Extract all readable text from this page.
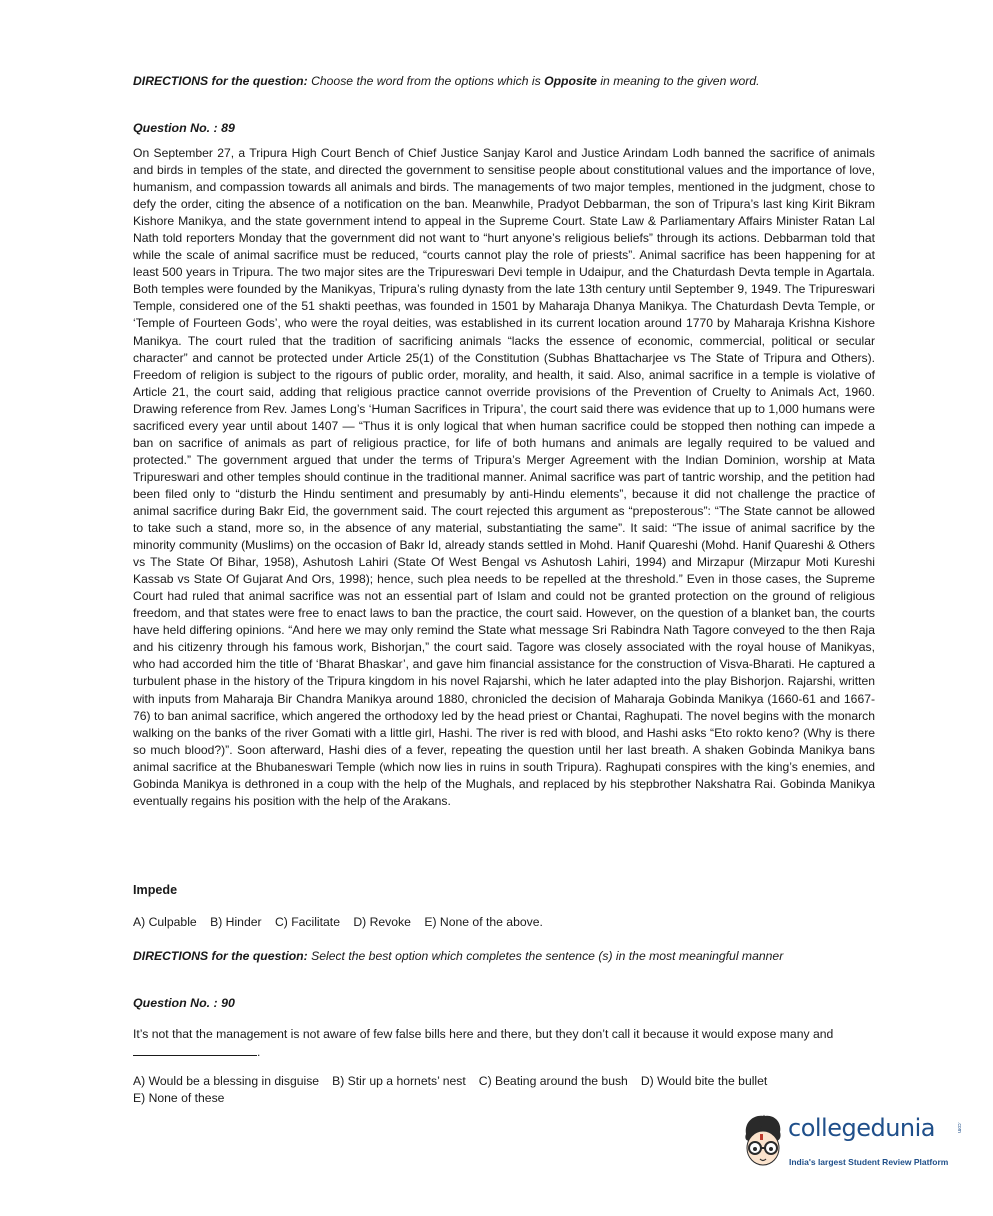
DIRECTIONS for the question: Choose the word from the options which is Opposite in meaning to the given word.
Question No. : 89

On September 27, a Tripura High Court Bench of Chief Justice Sanjay Karol and Justice Arindam Lodh banned the sacrifice of animals and birds in temples of the state, and directed the government to sensitise people about constitutional values and the importance of love, humanism, and compassion towards all animals and birds. The managements of two major temples, mentioned in the judgment, chose to defy the order, citing the absence of a notification on the ban. Meanwhile, Pradyot Debbarman, the son of Tripura’s last king Kirit Bikram Kishore Manikya, and the state government intend to appeal in the Supreme Court. State Law & Parliamentary Affairs Minister Ratan Lal Nath told reporters Monday that the government did not want to “hurt anyone’s religious beliefs” through its actions. Debbarman told that while the scale of animal sacrifice must be reduced, “courts cannot play the role of priests”. Animal sacrifice has been happening for at least 500 years in Tripura. The two major sites are the Tripureswari Devi temple in Udaipur, and the Chaturdash Devta temple in Agartala. Both temples were founded by the Manikyas, Tripura’s ruling dynasty from the late 13th century until September 9, 1949. The Tripureswari Temple, considered one of the 51 shakti peethas, was founded in 1501 by Maharaja Dhanya Manikya. The Chaturdash Devta Temple, or ‘Temple of Fourteen Gods’, who were the royal deities, was established in its current location around 1770 by Maharaja Krishna Kishore Manikya. The court ruled that the tradition of sacrificing animals “lacks the essence of economic, commercial, political or secular character” and cannot be protected under Article 25(1) of the Constitution (Subhas Bhattacharjee vs The State of Tripura and Others). Freedom of religion is subject to the rigours of public order, morality, and health, it said. Also, animal sacrifice in a temple is violative of Article 21, the court said, adding that religious practice cannot override provisions of the Prevention of Cruelty to Animals Act, 1960. Drawing reference from Rev. James Long’s ‘Human Sacrifices in Tripura’, the court said there was evidence that up to 1,000 humans were sacrificed every year until about 1407 — “Thus it is only logical that when human sacrifice could be stopped then nothing can impede a ban on sacrifice of animals as part of religious practice, for life of both humans and animals are legally required to be valued and protected.” The government argued that under the terms of Tripura’s Merger Agreement with the Indian Dominion, worship at Mata Tripureswari and other temples should continue in the traditional manner. Animal sacrifice was part of tantric worship, and the petition had been filed only to “disturb the Hindu sentiment and presumably by anti-Hindu elements”, because it did not challenge the practice of animal sacrifice during Bakr Eid, the government said. The court rejected this argument as “preposterous”: “The State cannot be allowed to take such a stand, more so, in the absence of any material, substantiating the same”. It said: “The issue of animal sacrifice by the minority community (Muslims) on the occasion of Bakr Id, already stands settled in Mohd. Hanif Quareshi (Mohd. Hanif Quareshi & Others vs The State Of Bihar, 1958), Ashutosh Lahiri (State Of West Bengal vs Ashutosh Lahiri, 1994) and Mirzapur (Mirzapur Moti Kureshi Kassab vs State Of Gujarat And Ors, 1998); hence, such plea needs to be repelled at the threshold.” Even in those cases, the Supreme Court had ruled that animal sacrifice was not an essential part of Islam and could not be granted protection on the ground of religious freedom, and that states were free to enact laws to ban the practice, the court said. However, on the question of a blanket ban, the courts have held differing opinions. “And here we may only remind the State what message Sri Rabindra Nath Tagore conveyed to the then Raja and his citizenry through his famous work, Bishorjan,” the court said. Tagore was closely associated with the royal house of Manikyas, who had accorded him the title of ‘Bharat Bhaskar’, and gave him financial assistance for the construction of Visva-Bharati. He captured a turbulent phase in the history of the Tripura kingdom in his novel Rajarshi, which he later adapted into the play Bishorjon. Rajarshi, written with inputs from Maharaja Bir Chandra Manikya around 1880, chronicled the decision of Maharaja Gobinda Manikya (1660-61 and 1667-76) to ban animal sacrifice, which angered the orthodoxy led by the head priest or Chantai, Raghupati. The novel begins with the monarch walking on the banks of the river Gomati with a little girl, Hashi. The river is red with blood, and Hashi asks “Eto rokto keno? (Why is there so much blood?)”. Soon afterward, Hashi dies of a fever, repeating the question until her last breath. A shaken Gobinda Manikya bans animal sacrifice at the Bhubaneswari Temple (which now lies in ruins in south Tripura). Raghupati conspires with the king’s enemies, and Gobinda Manikya is dethroned in a coup with the help of the Mughals, and replaced by his stepbrother Nakshatra Rai. Gobinda Manikya eventually regains his position with the help of the Arakans.

Impede
A) Culpable B) Hinder C) Facilitate D) Revoke E) None of the above.
DIRECTIONS for the question: Select the best option which completes the sentence (s) in the most meaningful manner
Question No. : 90

It’s not that the management is not aware of few false bills here and there, but they don’t call it because it would expose many and.

A) Would be a blessing in disguise B) Stir up a hornets’ nest C) Beating around the bush D) Would bite the bullet
E) None of these
collegedunia	.com
India's largest Student Review Platform
